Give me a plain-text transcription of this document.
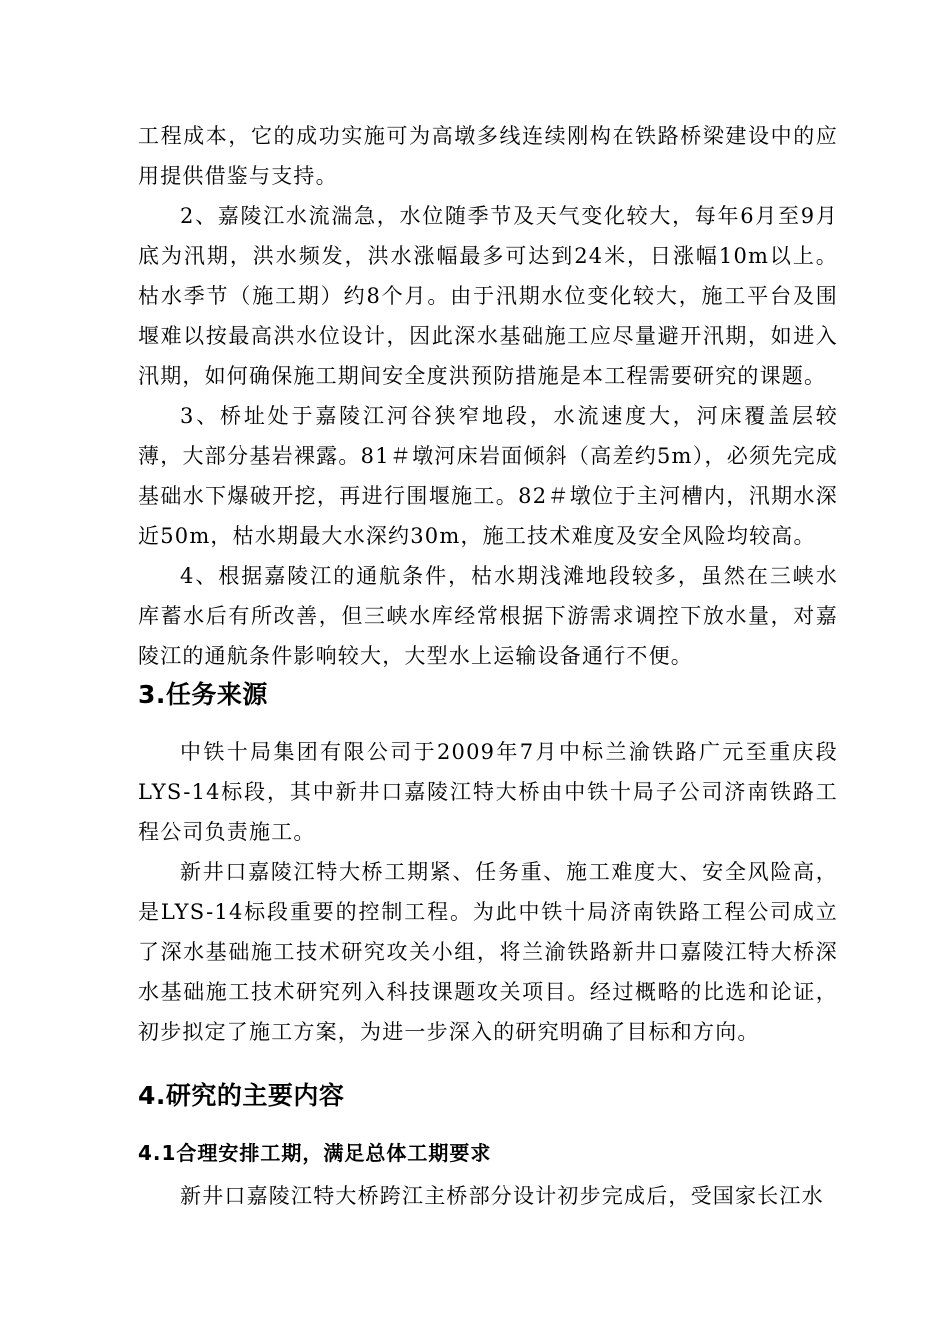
工程成本，它的成功实施可为高墩多线连续刚构在铁路桥梁建设中的应用提供借鉴与支持。

2、嘉陵江水流湍急，水位随季节及天气变化较大，每年6月至9月底为汛期，洪水频发，洪水涨幅最多可达到24米，日涨幅10m以上。枯水季节（施工期）约8个月。由于汛期水位变化较大，施工平台及围堰难以按最高洪水位设计，因此深水基础施工应尽量避开汛期，如进入汛期，如何确保施工期间安全度洪预防措施是本工程需要研究的课题。

3、桥址处于嘉陵江河谷狭窄地段，水流速度大，河床覆盖层较薄，大部分基岩裸露。81＃墩河床岩面倾斜（高差约5m），必须先完成基础水下爆破开挖，再进行围堰施工。82＃墩位于主河槽内，汛期水深近50m，枯水期最大水深约30m，施工技术难度及安全风险均较高。

4、根据嘉陵江的通航条件，枯水期浅滩地段较多，虽然在三峡水库蓄水后有所改善，但三峡水库经常根据下游需求调控下放水量，对嘉陵江的通航条件影响较大，大型水上运输设备通行不便。

3.任务来源

中铁十局集团有限公司于2009年7月中标兰渝铁路广元至重庆段LYS-14标段，其中新井口嘉陵江特大桥由中铁十局子公司济南铁路工程公司负责施工。

新井口嘉陵江特大桥工期紧、任务重、施工难度大、安全风险高，是LYS-14标段重要的控制工程。为此中铁十局济南铁路工程公司成立了深水基础施工技术研究攻关小组，将兰渝铁路新井口嘉陵江特大桥深水基础施工技术研究列入科技课题攻关项目。经过概略的比选和论证，初步拟定了施工方案，为进一步深入的研究明确了目标和方向。

4.研究的主要内容
4.1合理安排工期，满足总体工期要求

新井口嘉陵江特大桥跨江主桥部分设计初步完成后，受国家长江水
